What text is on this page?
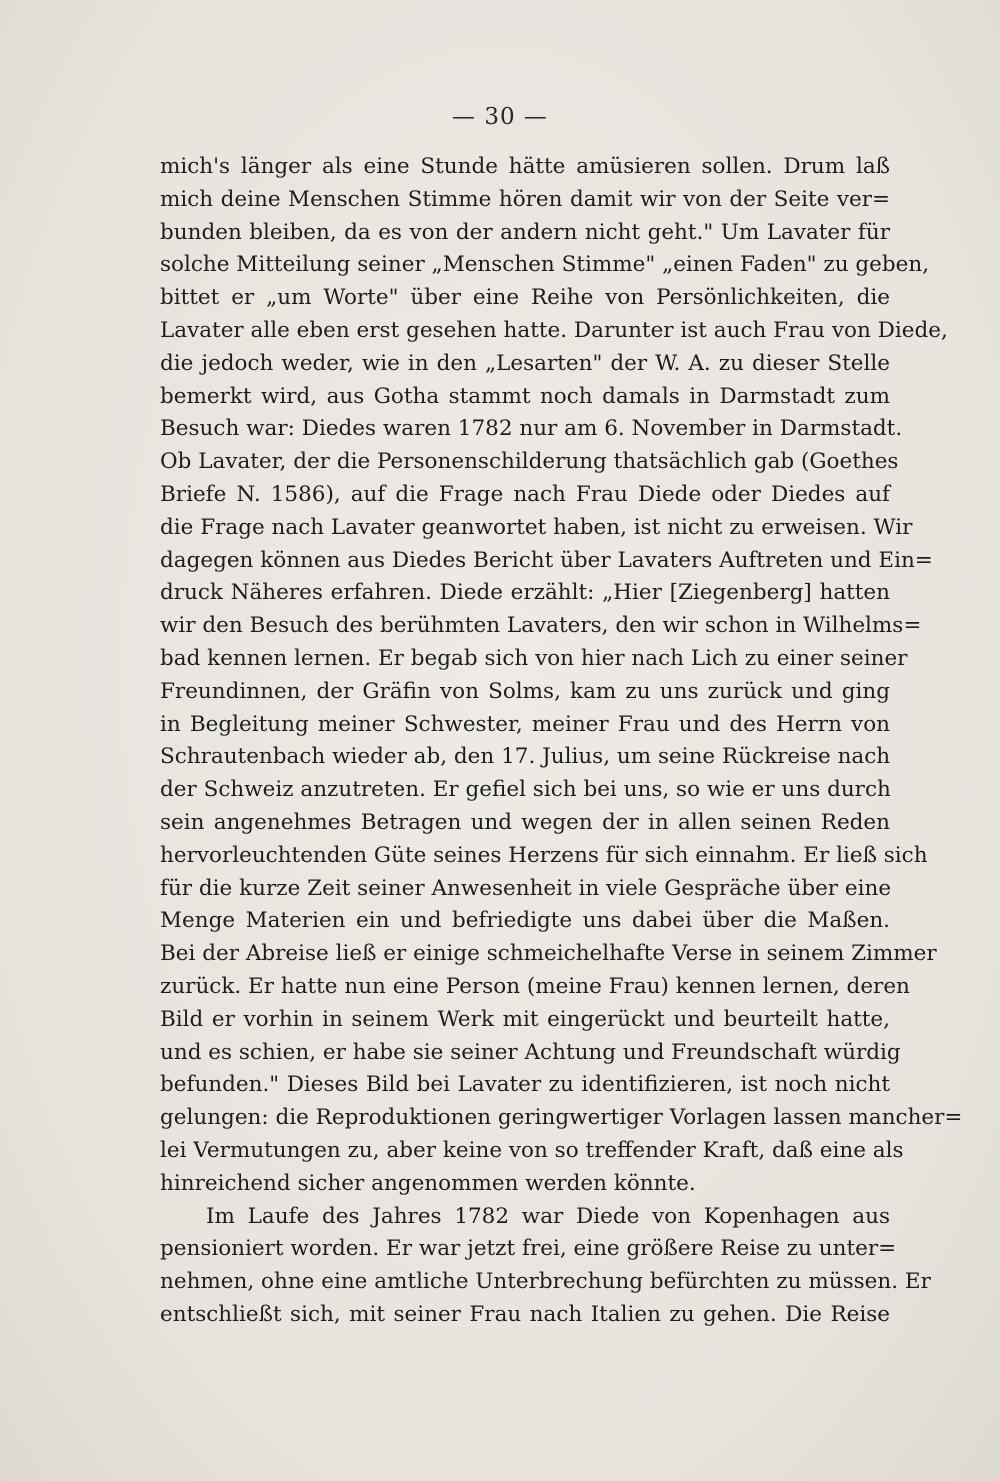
— 30 —
mich's länger als eine Stunde hätte amüsieren sollen. Drum laß
mich deine Menschen Stimme hören damit wir von der Seite ver=
bunden bleiben, da es von der andern nicht geht." Um Lavater für
solche Mitteilung seiner „Menschen Stimme" „einen Faden" zu geben,
bittet er „um Worte" über eine Reihe von Persönlichkeiten, die
Lavater alle eben erst gesehen hatte. Darunter ist auch Frau von Diede,
die jedoch weder, wie in den „Lesarten" der W. A. zu dieser Stelle
bemerkt wird, aus Gotha stammt noch damals in Darmstadt zum
Besuch war: Diedes waren 1782 nur am 6. November in Darmstadt.
Ob Lavater, der die Personenschilderung thatsächlich gab (Goethes
Briefe N. 1586), auf die Frage nach Frau Diede oder Diedes auf
die Frage nach Lavater geanwortet haben, ist nicht zu erweisen. Wir
dagegen können aus Diedes Bericht über Lavaters Auftreten und Ein=
druck Näheres erfahren. Diede erzählt: „Hier [Ziegenberg] hatten
wir den Besuch des berühmten Lavaters, den wir schon in Wilhelms=
bad kennen lernen. Er begab sich von hier nach Lich zu einer seiner
Freundinnen, der Gräfin von Solms, kam zu uns zurück und ging
in Begleitung meiner Schwester, meiner Frau und des Herrn von
Schrautenbach wieder ab, den 17. Julius, um seine Rückreise nach
der Schweiz anzutreten. Er gefiel sich bei uns, so wie er uns durch
sein angenehmes Betragen und wegen der in allen seinen Reden
hervorleuchtenden Güte seines Herzens für sich einnahm. Er ließ sich
für die kurze Zeit seiner Anwesenheit in viele Gespräche über eine
Menge Materien ein und befriedigte uns dabei über die Maßen.
Bei der Abreise ließ er einige schmeichelhafte Verse in seinem Zimmer
zurück. Er hatte nun eine Person (meine Frau) kennen lernen, deren
Bild er vorhin in seinem Werk mit eingerückt und beurteilt hatte,
und es schien, er habe sie seiner Achtung und Freundschaft würdig
befunden." Dieses Bild bei Lavater zu identifizieren, ist noch nicht
gelungen: die Reproduktionen geringwertiger Vorlagen lassen mancher=
lei Vermutungen zu, aber keine von so treffender Kraft, daß eine als
hinreichend sicher angenommen werden könnte.
Im Laufe des Jahres 1782 war Diede von Kopenhagen aus
pensioniert worden. Er war jetzt frei, eine größere Reise zu unter=
nehmen, ohne eine amtliche Unterbrechung befürchten zu müssen. Er
entschließt sich, mit seiner Frau nach Italien zu gehen. Die Reise
